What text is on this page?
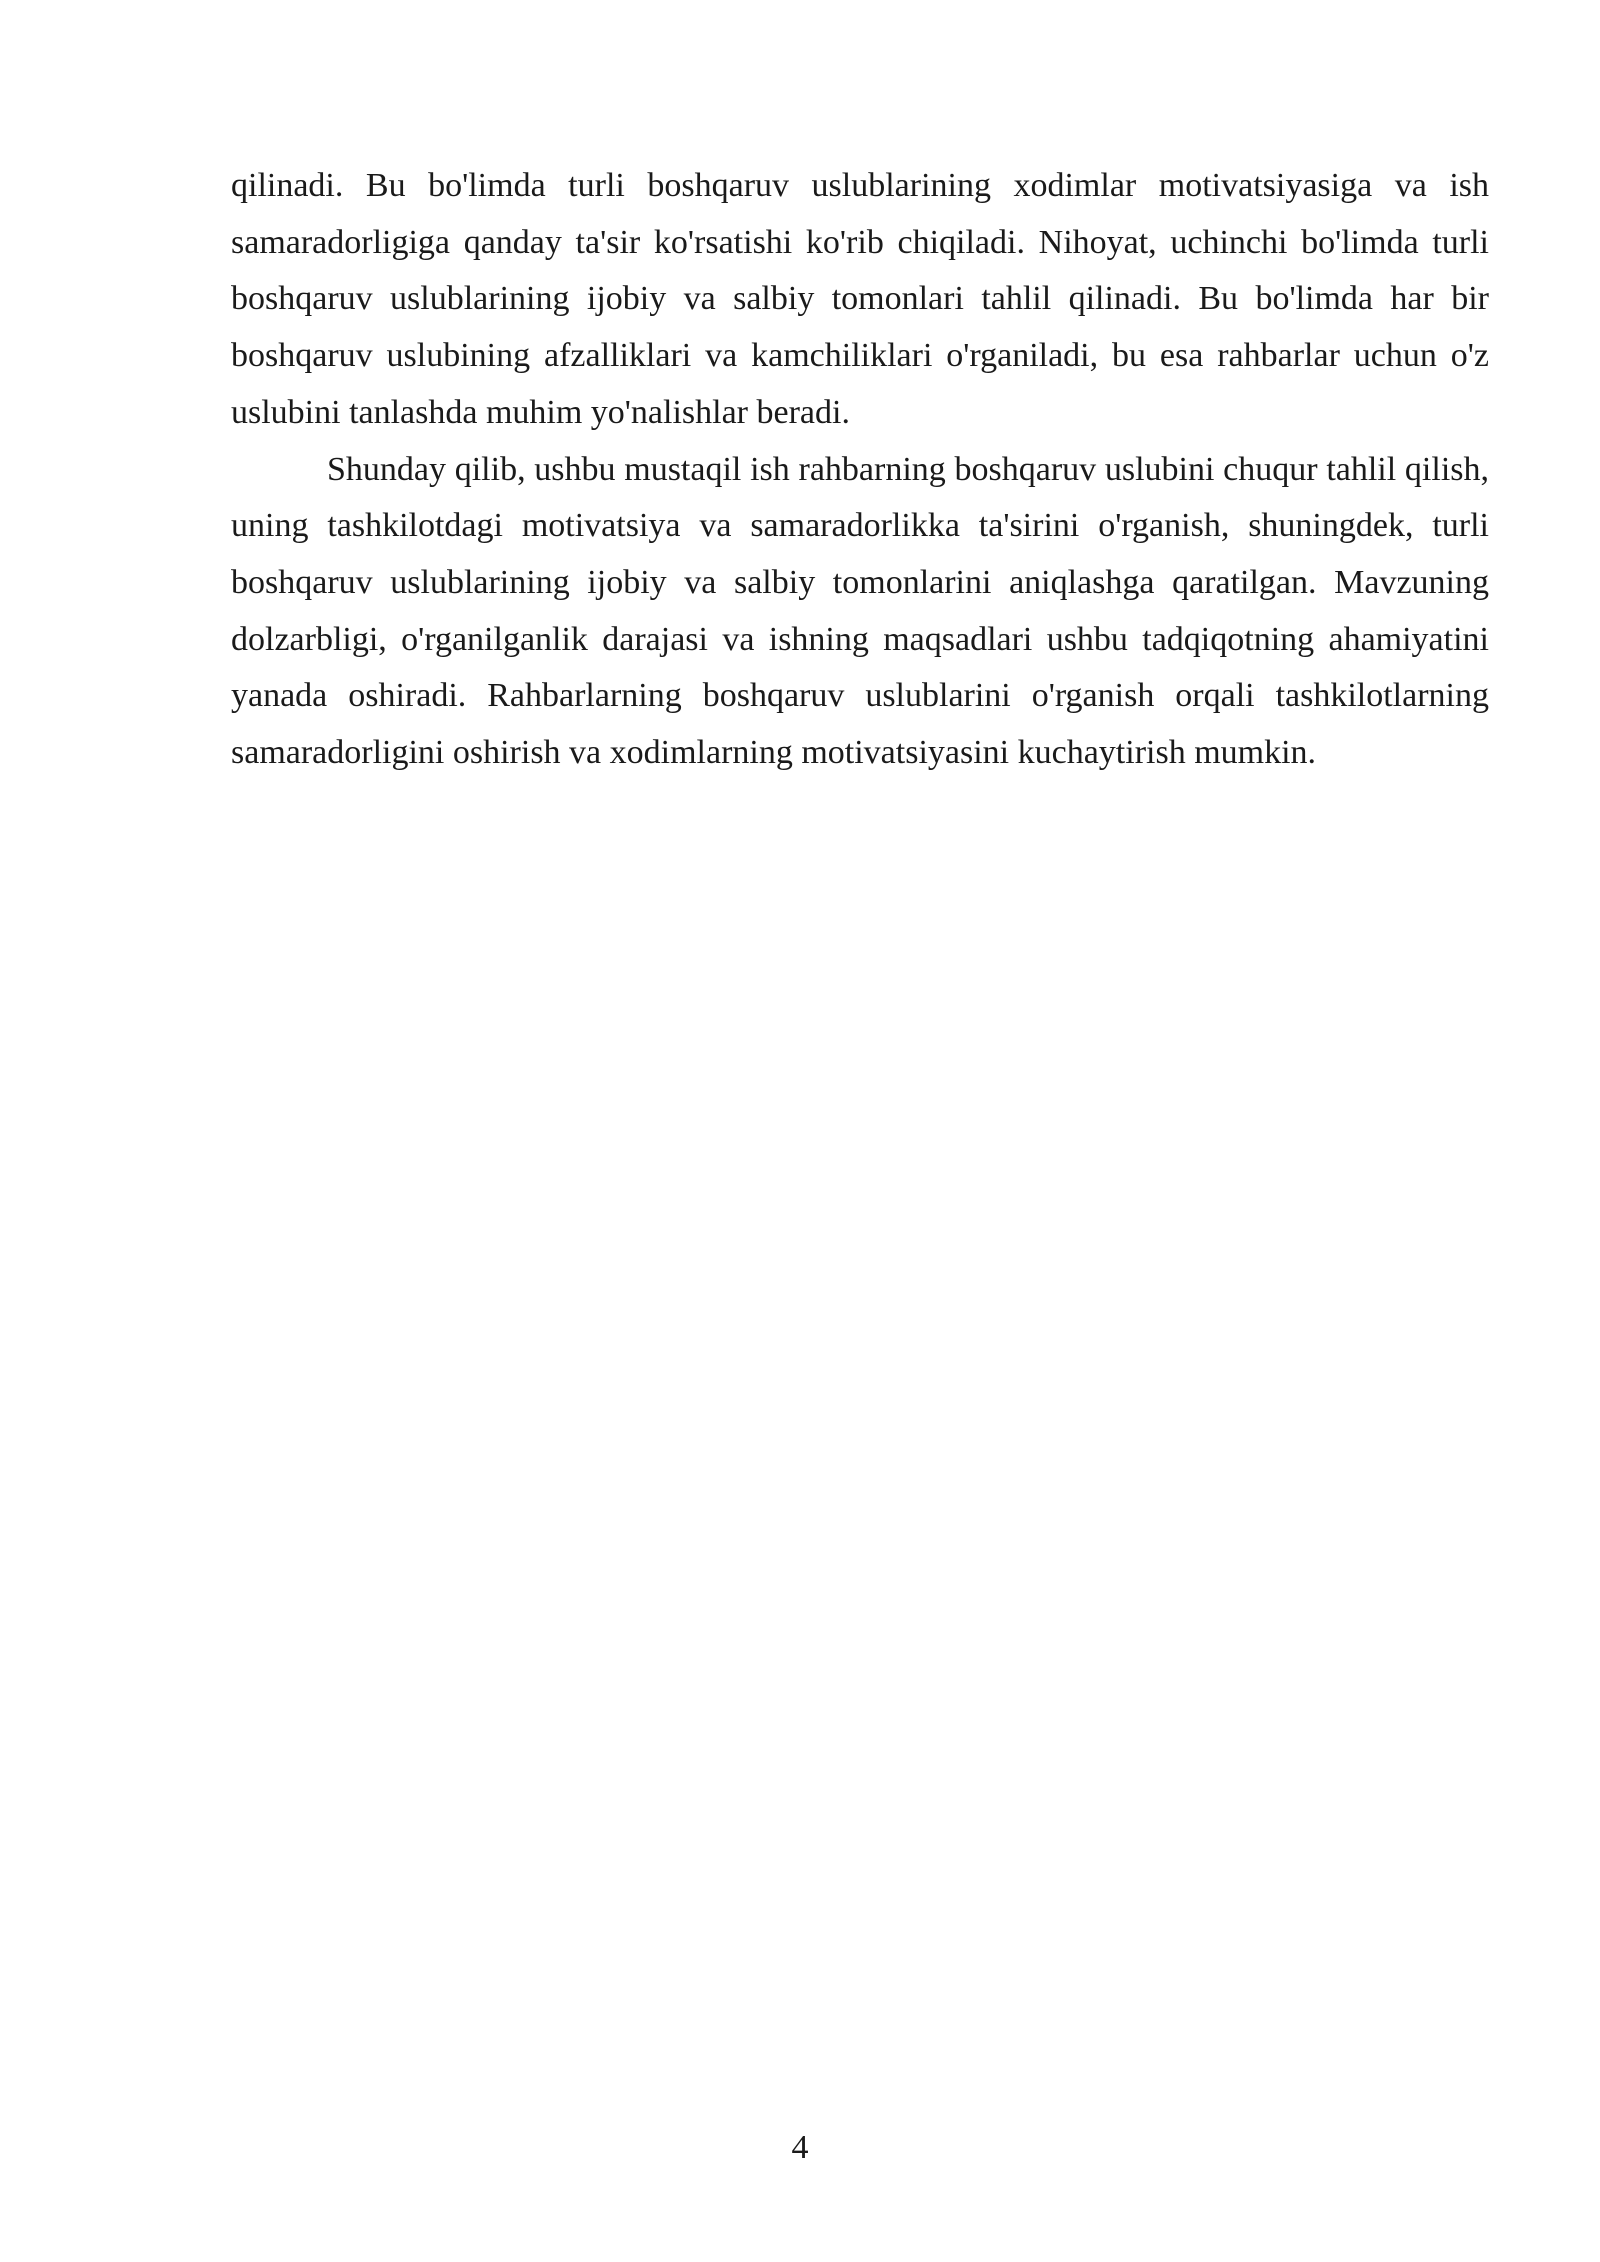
qilinadi. Bu bo'limda turli boshqaruv uslublarining xodimlar motivatsiyasiga va ish samaradorligiga qanday ta'sir ko'rsatishi ko'rib chiqiladi. Nihoyat, uchinchi bo'limda turli boshqaruv uslublarining ijobiy va salbiy tomonlari tahlil qilinadi. Bu bo'limda har bir boshqaruv uslubining afzalliklari va kamchiliklari o'rganiladi, bu esa rahbarlar uchun o'z uslubini tanlashda muhim yo'nalishlar beradi.

Shunday qilib, ushbu mustaqil ish rahbarning boshqaruv uslubini chuqur tahlil qilish, uning tashkilotdagi motivatsiya va samaradorlikka ta'sirini o'rganish, shuningdek, turli boshqaruv uslublarining ijobiy va salbiy tomonlarini aniqlashga qaratilgan. Mavzuning dolzarbligi, o'rganilganlik darajasi va ishning maqsadlari ushbu tadqiqotning ahamiyatini yanada oshiradi. Rahbarlarning boshqaruv uslublarini o'rganish orqali tashkilotlarning samaradorligini oshirish va xodimlarning motivatsiyasini kuchaytirish mumkin.

4
